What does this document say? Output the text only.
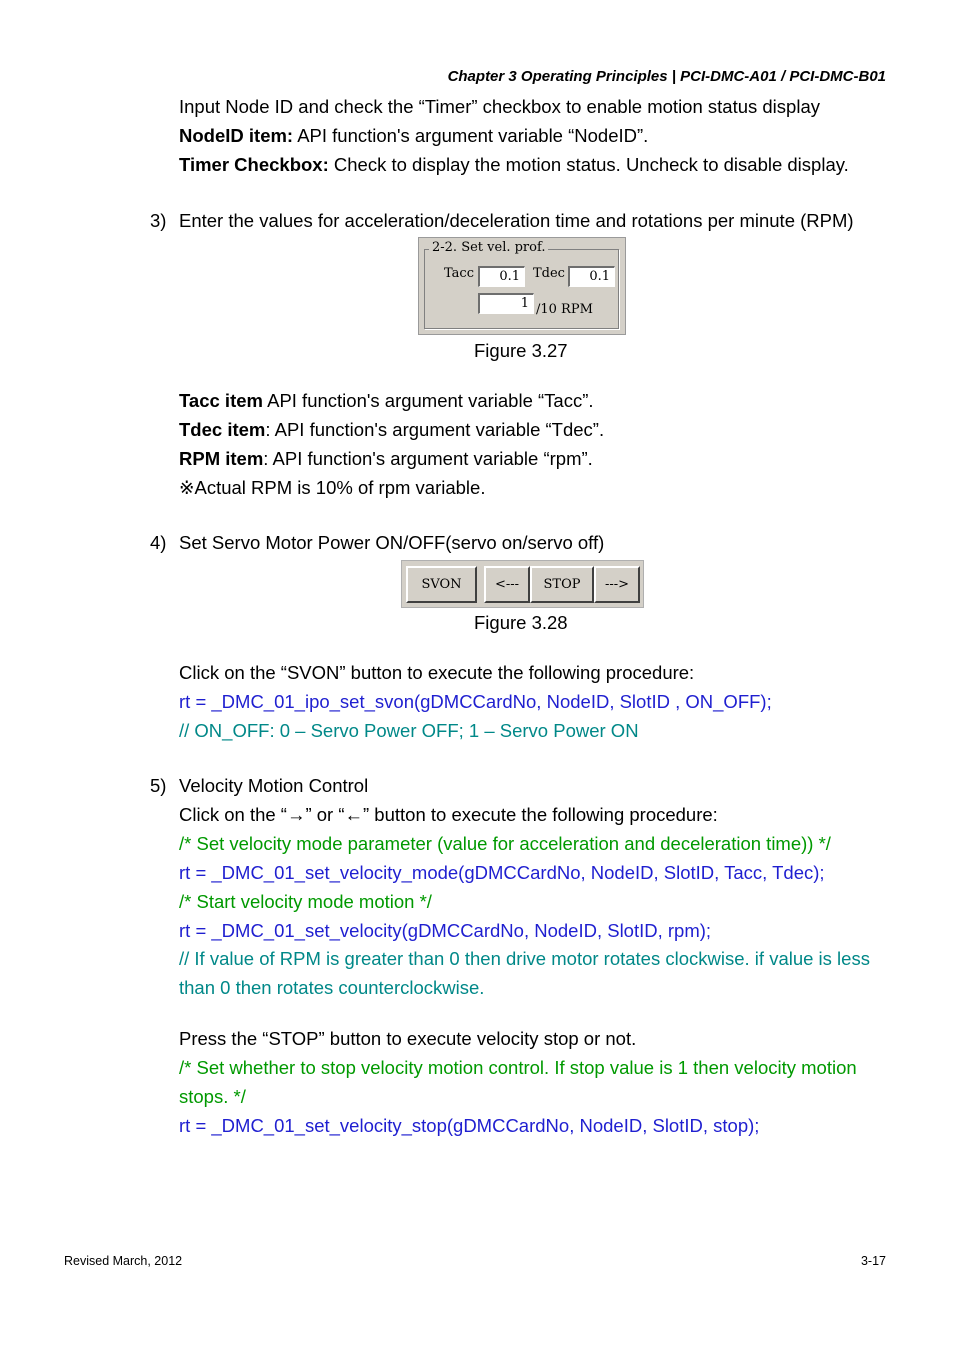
Chapter 3 Operating Principles | PCI-DMC-A01 / PCI-DMC-B01
Input Node ID and check the “Timer” checkbox to enable motion status display
NodeID item: API function's argument variable “NodeID”.
Timer Checkbox: Check to display the motion status. Uncheck to disable display.
3) Enter the values for acceleration/deceleration time and rotations per minute (RPM)
2-2. Set vel. prof.
Tacc	0.1	Tdec	0.1
1 /10 RPM
Figure 3.27
Tacc item API function's argument variable “Tacc”.
Tdec item: API function's argument variable “Tdec”.
RPM item: API function's argument variable “rpm”.
※Actual RPM is 10% of rpm variable.
4) Set Servo Motor Power ON/OFF(servo on/servo off)
SVON	<---	STOP	--->
Figure 3.28
Click on the “SVON” button to execute the following procedure:
rt = _DMC_01_ipo_set_svon(gDMCCardNo, NodeID, SlotID , ON_OFF);
// ON_OFF: 0 – Servo Power OFF; 1 – Servo Power ON
5) Velocity Motion Control
Click on the “→” or “←” button to execute the following procedure:
/* Set velocity mode parameter (value for acceleration and deceleration time)) */
rt = _DMC_01_set_velocity_mode(gDMCCardNo, NodeID, SlotID, Tacc, Tdec);
/* Start velocity mode motion */
rt = _DMC_01_set_velocity(gDMCCardNo, NodeID, SlotID, rpm);
// If value of RPM is greater than 0 then drive motor rotates clockwise. if value is less
than 0 then rotates counterclockwise.
Press the “STOP” button to execute velocity stop or not.
/* Set whether to stop velocity motion control. If stop value is 1 then velocity motion
stops. */
rt = _DMC_01_set_velocity_stop(gDMCCardNo, NodeID, SlotID, stop);
Revised March, 2012	3-17
